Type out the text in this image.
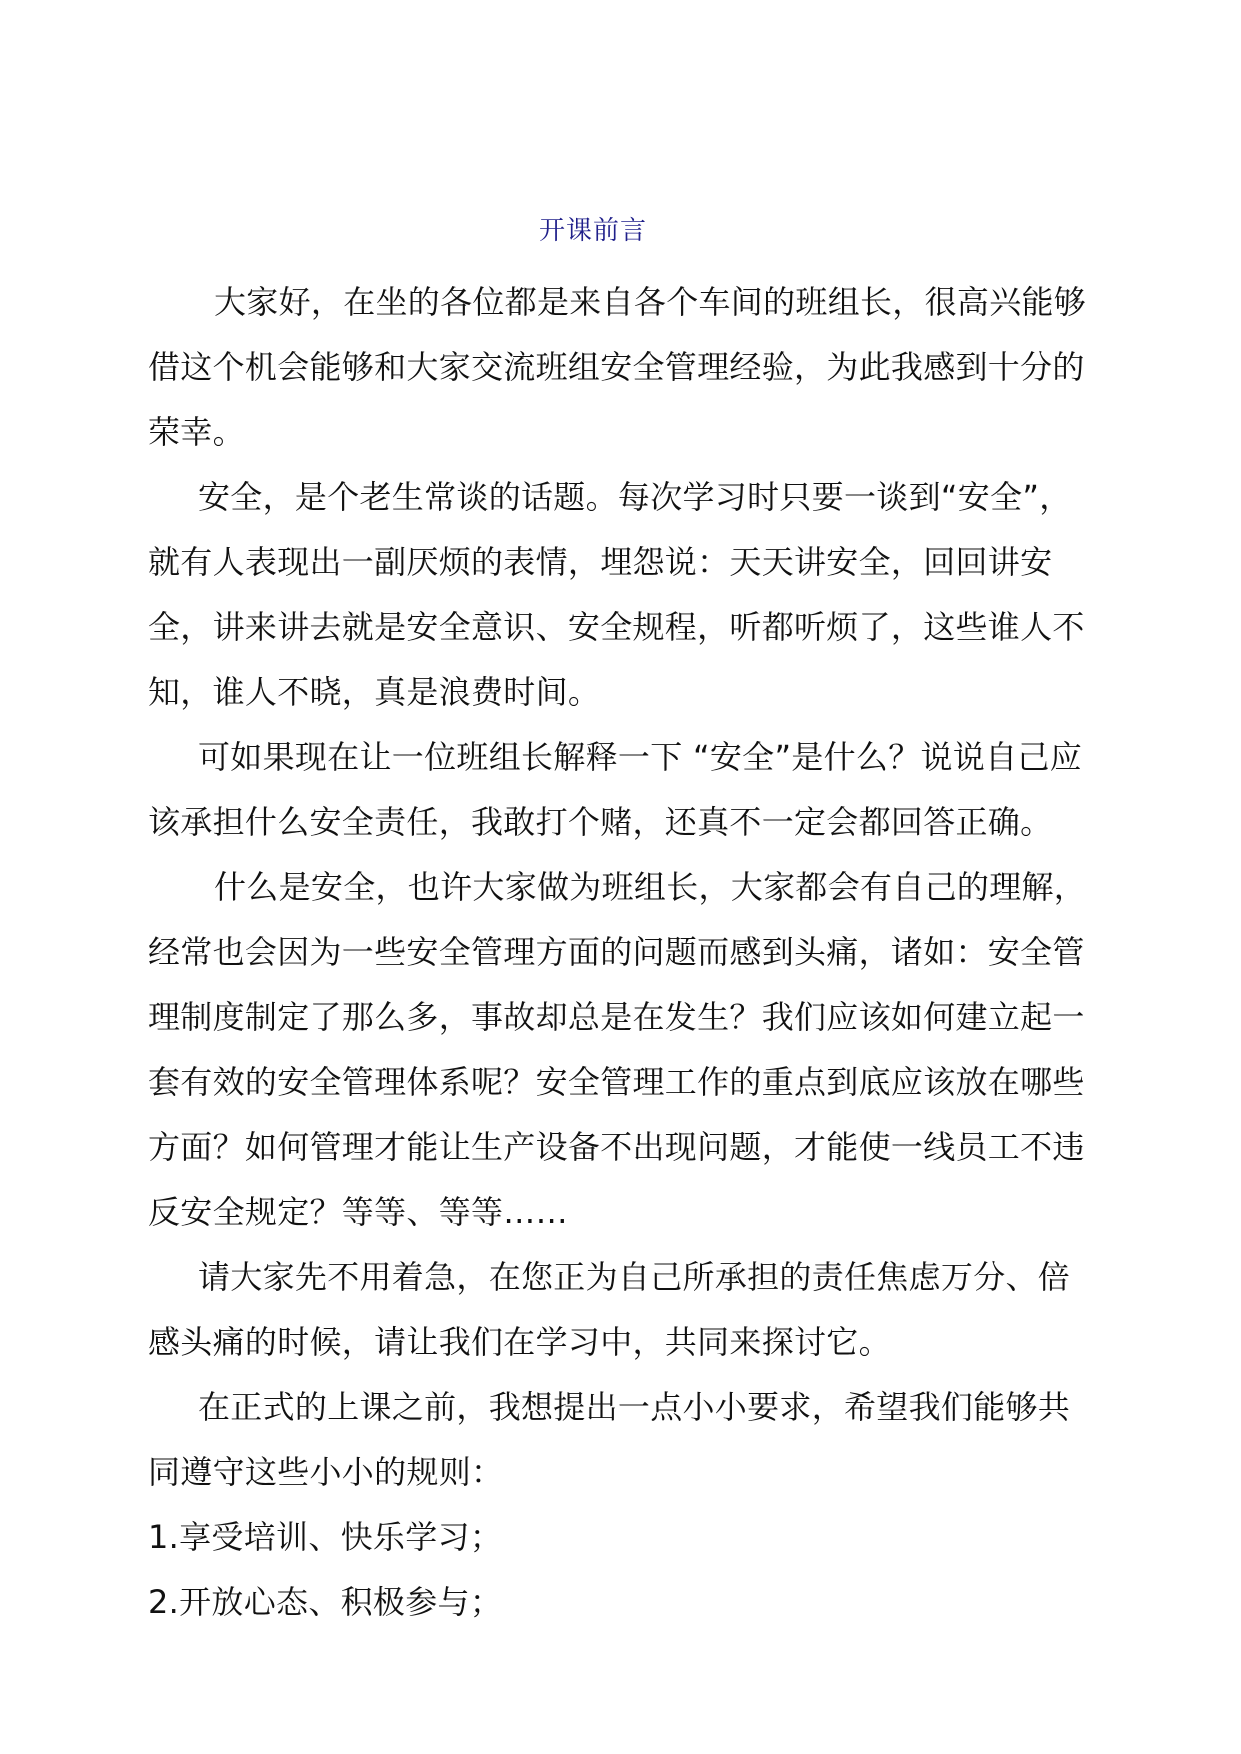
开课前言

大家好，在坐的各位都是来自各个车间的班组长，很高兴能够借这个机会能够和大家交流班组安全管理经验，为此我感到十分的荣幸。

安全，是个老生常谈的话题。每次学习时只要一谈到“安全”，就有人表现出一副厌烦的表情，埋怨说：天天讲安全，回回讲安全，讲来讲去就是安全意识、安全规程，听都听烦了，这些谁人不知，谁人不晓，真是浪费时间。

可如果现在让一位班组长解释一下 “安全”是什么？说说自己应该承担什么安全责任，我敢打个赌，还真不一定会都回答正确。

什么是安全，也许大家做为班组长，大家都会有自己的理解，经常也会因为一些安全管理方面的问题而感到头痛，诸如：安全管理制度制定了那么多，事故却总是在发生？我们应该如何建立起一套有效的安全管理体系呢？安全管理工作的重点到底应该放在哪些方面？如何管理才能让生产设备不出现问题，才能使一线员工不违反安全规定？等等、等等……

请大家先不用着急，在您正为自己所承担的责任焦虑万分、倍感头痛的时候，请让我们在学习中，共同来探讨它。

在正式的上课之前，我想提出一点小小要求，希望我们能够共同遵守这些小小的规则：

1.享受培训、快乐学习；

2.开放心态、积极参与；
